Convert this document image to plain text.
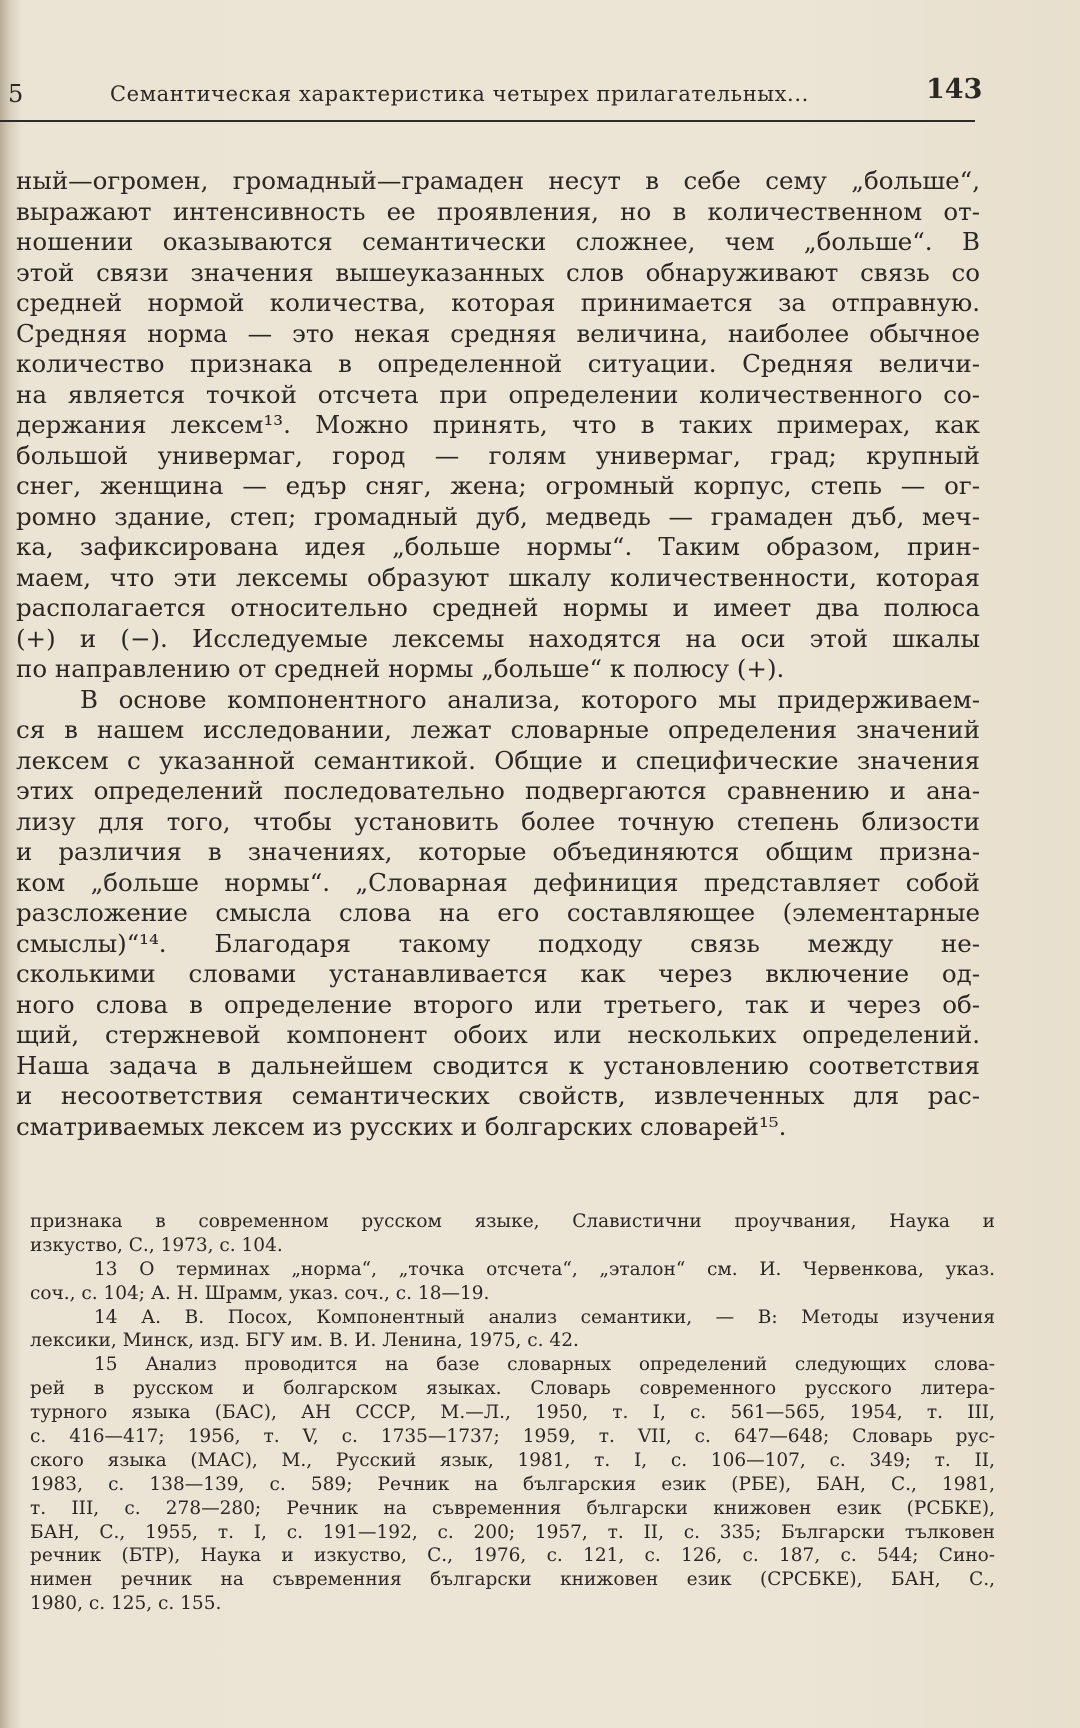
5	Семантическая характеристика четырех прилагательных...	143
ный—огромен, громадный—грамаден несут в себе сему „больше“,
выражают интенсивность ее проявления, но в количественном от-
ношении оказываются семантически сложнее, чем „больше“. В
этой связи значения вышеуказанных слов обнаруживают связь со
средней нормой количества, которая принимается за отправную.
Средняя норма — это некая средняя величина, наиболее обычное
количество признака в определенной ситуации. Средняя величи-
на является точкой отсчета при определении количественного со-
держания лексем¹³. Можно принять, что в таких примерах, как
большой универмаг, город — голям универмаг, град; крупный
снег, женщина — едър сняг, жена; огромный корпус, степь — ог-
ромно здание, степ; громадный дуб, медведь — грамаден дъб, меч-
ка, зафиксирована идея „больше нормы“. Таким образом, прин-
маем, что эти лексемы образуют шкалу количественности, которая
располагается относительно средней нормы и имеет два полюса
(+) и (−). Исследуемые лексемы находятся на оси этой шкалы
по направлению от средней нормы „больше“ к полюсу (+).
В основе компонентного анализа, которого мы придерживаем-
ся в нашем исследовании, лежат словарные определения значений
лексем с указанной семантикой. Общие и специфические значения
этих определений последовательно подвергаются сравнению и ана-
лизу для того, чтобы установить более точную степень близости
и различия в значениях, которые объединяются общим призна-
ком „больше нормы“. „Словарная дефиниция представляет собой
разсложение смысла слова на его составляющее (элементарные
смыслы)“¹⁴. Благодаря такому подходу связь между не-
сколькими словами устанавливается как через включение од-
ного слова в определение второго или третьего, так и через об-
щий, стержневой компонент обоих или нескольких определений.
Наша задача в дальнейшем сводится к установлению соответствия
и несоответствия семантических свойств, извлеченных для рас-
сматриваемых лексем из русских и болгарских словарей¹⁵.
признака в современном русском языке, Славистични проучвания, Наука и
изкуство, С., 1973, с. 104.
13 О терминах „норма“, „точка отсчета“, „эталон“ см. И. Червенкова, указ.
соч., с. 104; А. Н. Шрамм, указ. соч., с. 18—19.
14 А. В. Посох, Компонентный анализ семантики, — В: Методы изучения
лексики, Минск, изд. БГУ им. В. И. Ленина, 1975, с. 42.
15 Анализ проводится на базе словарных определений следующих слова-
рей в русском и болгарском языках. Словарь современного русского литера-
турного языка (БАС), АН СССР, М.—Л., 1950, т. I, с. 561—565, 1954, т. III,
с. 416—417; 1956, т. V, с. 1735—1737; 1959, т. VII, с. 647—648; Словарь рус-
ского языка (МАС), М., Русский язык, 1981, т. I, с. 106—107, с. 349; т. II,
1983, с. 138—139, с. 589; Речник на българския език (РБЕ), БАН, С., 1981,
т. III, с. 278—280; Речник на съвременния български книжовен език (РСБКЕ),
БАН, С., 1955, т. I, с. 191—192, с. 200; 1957, т. II, с. 335; Български тълковен
речник (БТР), Наука и изкуство, С., 1976, с. 121, с. 126, с. 187, с. 544; Сино-
нимен речник на съвременния български книжовен език (СРСБКЕ), БАН, С.,
1980, с. 125, с. 155.
